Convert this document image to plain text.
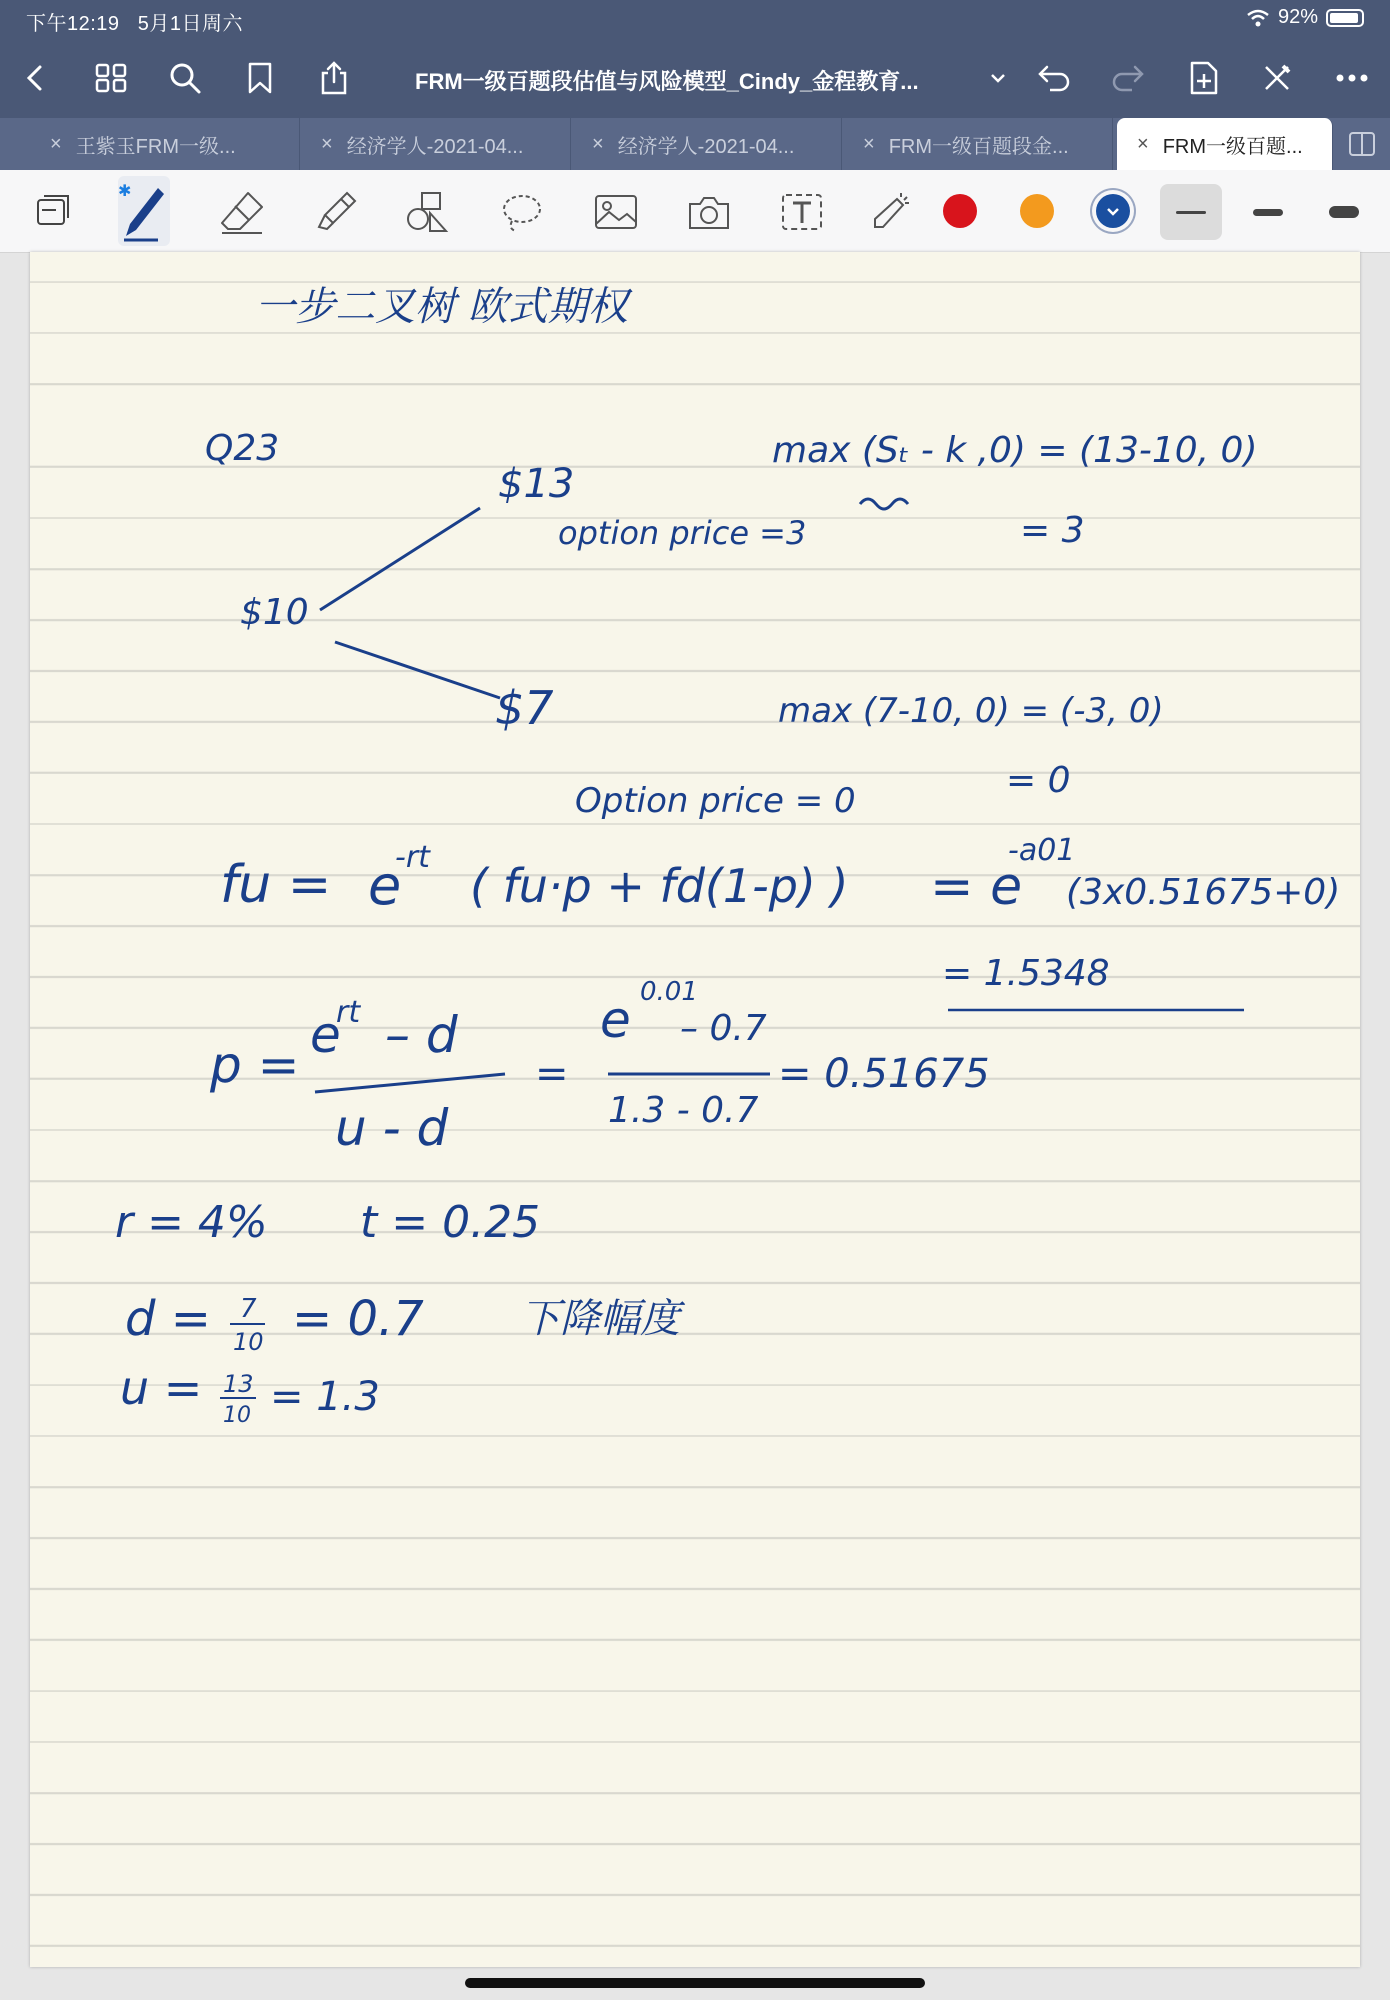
下午12:19 5月1日周六	92%
FRM一级百题段估值与风险模型_Cindy_金程教育...
× 王紫玉FRM一级...	× 经济学人-2021-04...	× 经济学人-2021-04...	× FRM一级百题段金...	× FRM一级百题...
✱
一步二叉树 欧式期权
Q23
$13
$10
$7
option price =3
max (Sₜ - k ,0) = (13-10, 0)
= 3
max (7-10, 0) = (-3, 0)
= 0
Option price = 0
fu = e
-rt
( fu·p + fd(1-p) ) = e
-a01
(3x0.51675+0)
= 1.5348
p =
e
rt – d
u - d
=
e 0.01
– 0.7
1.3 - 0.7
= 0.51675
r = 4% t = 0.25
d = 7
10 = 0.7 下降幅度
u = 13
10 = 1.3
